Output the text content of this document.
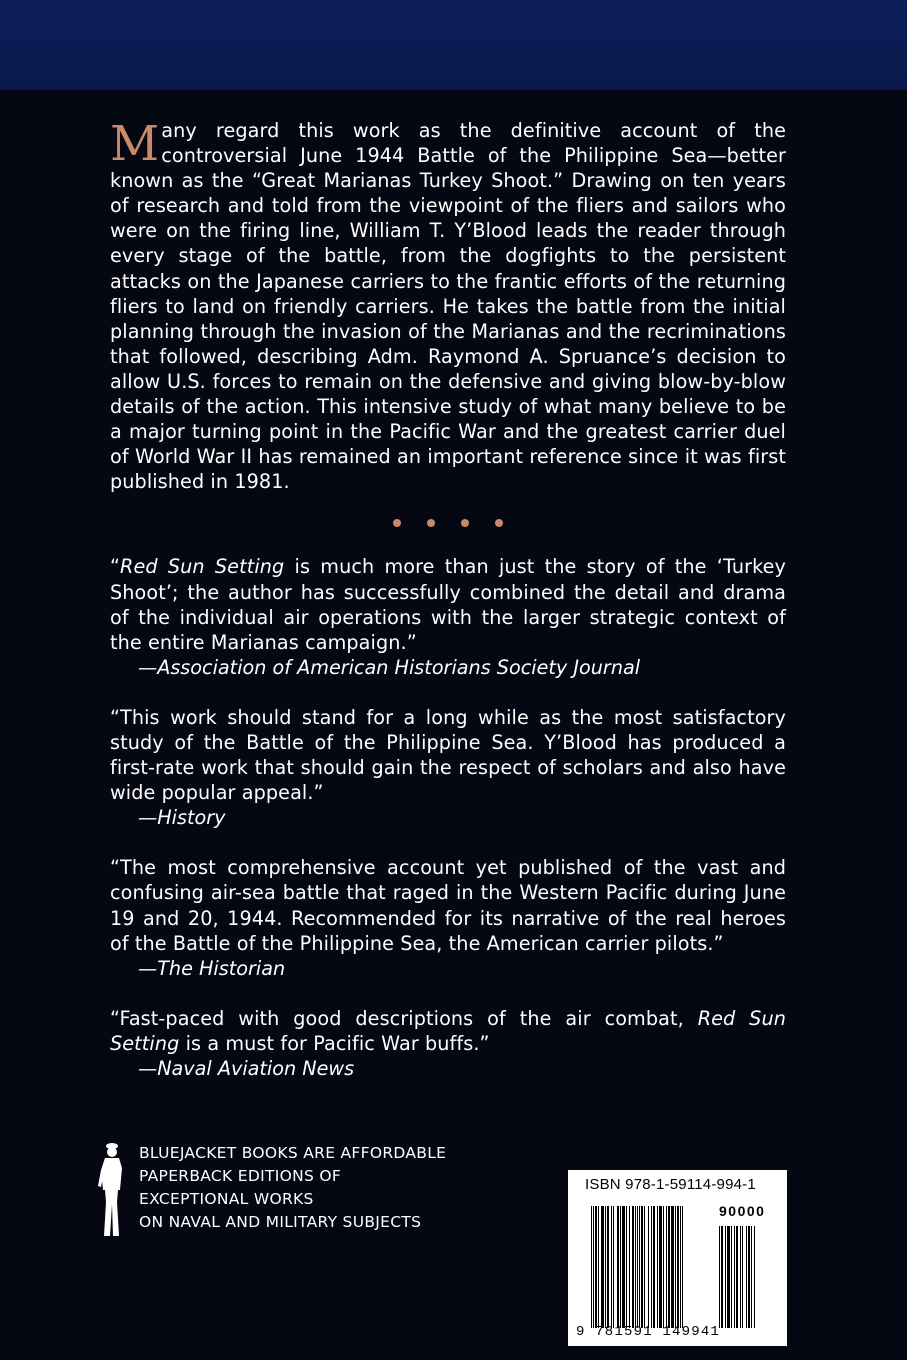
Many regard this work as the definitive account of the controversial June 1944 Battle of the Philippine Sea—better known as the “Great Marianas Turkey Shoot.” Drawing on ten years of research and told from the viewpoint of the fliers and sailors who were on the firing line, William T. Y’Blood leads the reader through every stage of the battle, from the dogfights to the persistent attacks on the Japanese carriers to the frantic efforts of the returning fliers to land on friendly carriers. He takes the battle from the initial planning through the invasion of the Marianas and the recriminations that followed, describing Adm. Raymond A. Spruance’s decision to allow U.S. forces to remain on the defensive and giving blow-by-blow details of the action. This intensive study of what many believe to be a major turning point in the Pacific War and the greatest carrier duel of World War II has remained an important reference since it was first published in 1981.

“Red Sun Setting is much more than just the story of the ‘Turkey Shoot’; the author has successfully combined the detail and drama of the individual air operations with the larger strategic context of the entire Marianas campaign.”

—Association of American Historians Society Journal

“This work should stand for a long while as the most satisfactory study of the Battle of the Philippine Sea. Y’Blood has produced a first-rate work that should gain the respect of scholars and also have wide popular appeal.”

—History

“The most comprehensive account yet published of the vast and confusing air-sea battle that raged in the Western Pacific during June 19 and 20, 1944. Recommended for its narrative of the real heroes of the Battle of the Philippine Sea, the American carrier pilots.”

—The Historian

“Fast-paced with good descriptions of the air combat, Red Sun Setting is a must for Pacific War buffs.”

—Naval Aviation News

BLUEJACKET BOOKS ARE AFFORDABLE
PAPERBACK EDITIONS OF
EXCEPTIONAL WORKS
ON NAVAL AND MILITARY SUBJECTS
ISBN 978-1-59114-994-1
90000
9 781591 149941
